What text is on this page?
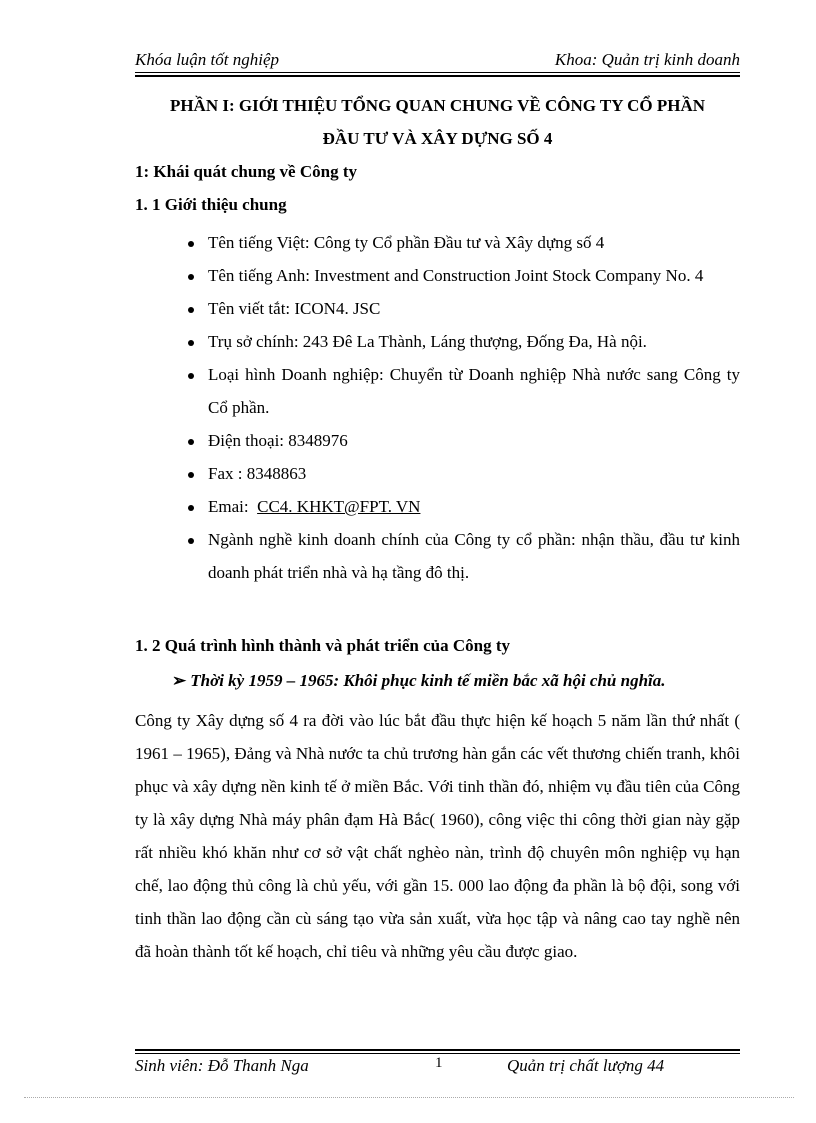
Khóa luận tốt nghiệp	Khoa: Quản trị kinh doanh
PHẦN I: GIỚI THIỆU TỔNG QUAN CHUNG VỀ CÔNG TY CỔ PHẦN
ĐẦU TƯ VÀ XÂY DỰNG SỐ 4
1: Khái quát chung về Công ty
1. 1 Giới thiệu chung
Tên tiếng Việt: Công ty Cổ phần Đầu tư và Xây dựng số 4
Tên tiếng Anh: Investment and Construction Joint Stock Company No. 4
Tên viết tắt: ICON4. JSC
Trụ sở chính: 243 Đê La Thành, Láng thượng, Đống Đa, Hà nội.
Loại hình Doanh nghiệp: Chuyển từ Doanh nghiệp Nhà nước sang Công ty Cổ phần.
Điện thoại: 8348976
Fax : 8348863
Emai: CC4. KHKT@FPT. VN
Ngành nghề kinh doanh chính của Công ty cổ phần: nhận thầu, đầu tư kinh doanh phát triển nhà và hạ tầng đô thị.
1. 2 Quá trình hình thành và phát triển của Công ty
➢ Thời kỳ 1959 – 1965: Khôi phục kinh tế miền bắc xã hội chủ nghĩa.
Công ty Xây dựng số 4 ra đời vào lúc bắt đầu thực hiện kế hoạch 5 năm lần thứ nhất ( 1961 – 1965), Đảng và Nhà nước ta chủ trương hàn gắn các vết thương chiến tranh, khôi phục và xây dựng nền kinh tế ở miền Bắc. Với tinh thần đó, nhiệm vụ đầu tiên của Công ty là xây dựng Nhà máy phân đạm Hà Bắc( 1960), công việc thi công thời gian này gặp rất nhiều khó khăn như cơ sở vật chất nghèo nàn, trình độ chuyên môn nghiệp vụ hạn chế, lao động thủ công là chủ yếu, với gần 15. 000 lao động đa phần là bộ đội, song với tinh thần lao động cần cù sáng tạo vừa sản xuất, vừa học tập và nâng cao tay nghề nên đã hoàn thành tốt kế hoạch, chỉ tiêu và những yêu cầu được giao.
Sinh viên: Đỗ Thanh Nga	1	Quản trị chất lượng 44
